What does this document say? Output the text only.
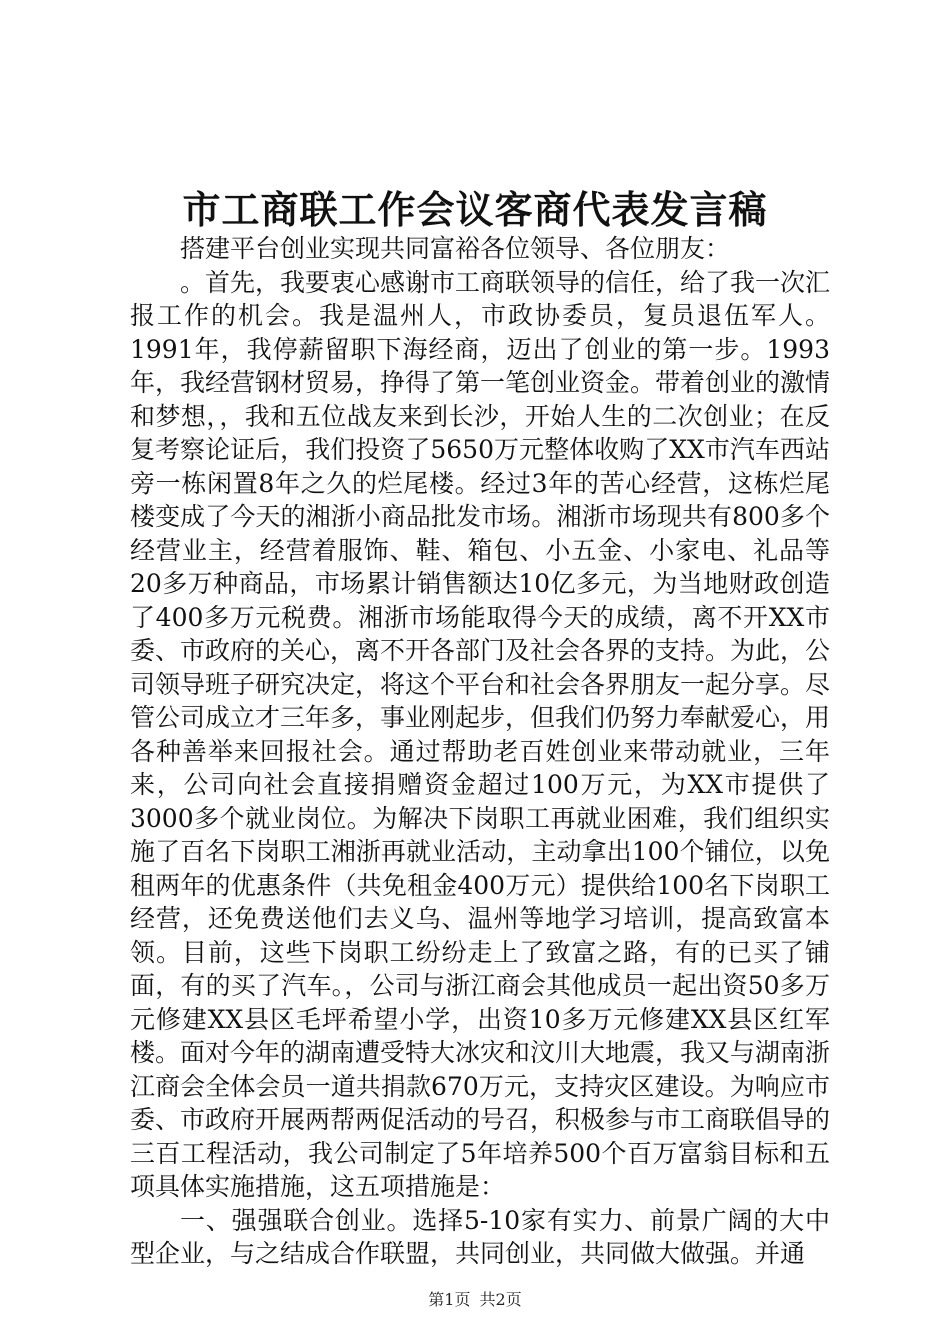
市工商联工作会议客商代表发言稿

搭建平台创业实现共同富裕各位领导、各位朋友：

。首先，我要衷心感谢市工商联领导的信任，给了我一次汇报工作的机会。我是温州人，市政协委员，复员退伍军人。1991年，我停薪留职下海经商，迈出了创业的第一步。1993年，我经营钢材贸易，挣得了第一笔创业资金。带着创业的激情和梦想，，我和五位战友来到长沙，开始人生的二次创业；在反复考察论证后，我们投资了5650万元整体收购了XX市汽车西站旁一栋闲置8年之久的烂尾楼。经过3年的苦心经营，这栋烂尾楼变成了今天的湘浙小商品批发市场。湘浙市场现共有800多个经营业主，经营着服饰、鞋、箱包、小五金、小家电、礼品等20多万种商品，市场累计销售额达10亿多元，为当地财政创造了400多万元税费。湘浙市场能取得今天的成绩，离不开XX市委、市政府的关心，离不开各部门及社会各界的支持。为此，公司领导班子研究决定，将这个平台和社会各界朋友一起分享。尽管公司成立才三年多，事业刚起步，但我们仍努力奉献爱心，用各种善举来回报社会。通过帮助老百姓创业来带动就业，三年来，公司向社会直接捐赠资金超过100万元，为XX市提供了3000多个就业岗位。为解决下岗职工再就业困难，我们组织实施了百名下岗职工湘浙再就业活动，主动拿出100个铺位，以免租两年的优惠条件（共免租金400万元）提供给100名下岗职工经营，还免费送他们去义乌、温州等地学习培训，提高致富本领。目前，这些下岗职工纷纷走上了致富之路，有的已买了铺面，有的买了汽车。，公司与浙江商会其他成员一起出资50多万元修建XX县区毛坪希望小学，出资10多万元修建XX县区红军楼。面对今年的湖南遭受特大冰灾和汶川大地震，我又与湖南浙江商会全体会员一道共捐款670万元，支持灾区建设。为响应市委、市政府开展两帮两促活动的号召，积极参与市工商联倡导的三百工程活动，我公司制定了5年培养500个百万富翁目标和五项具体实施措施，这五项措施是：

一、强强联合创业。选择5-10家有实力、前景广阔的大中型企业，与之结成合作联盟，共同创业，共同做大做强。并通

第1页 共2页
